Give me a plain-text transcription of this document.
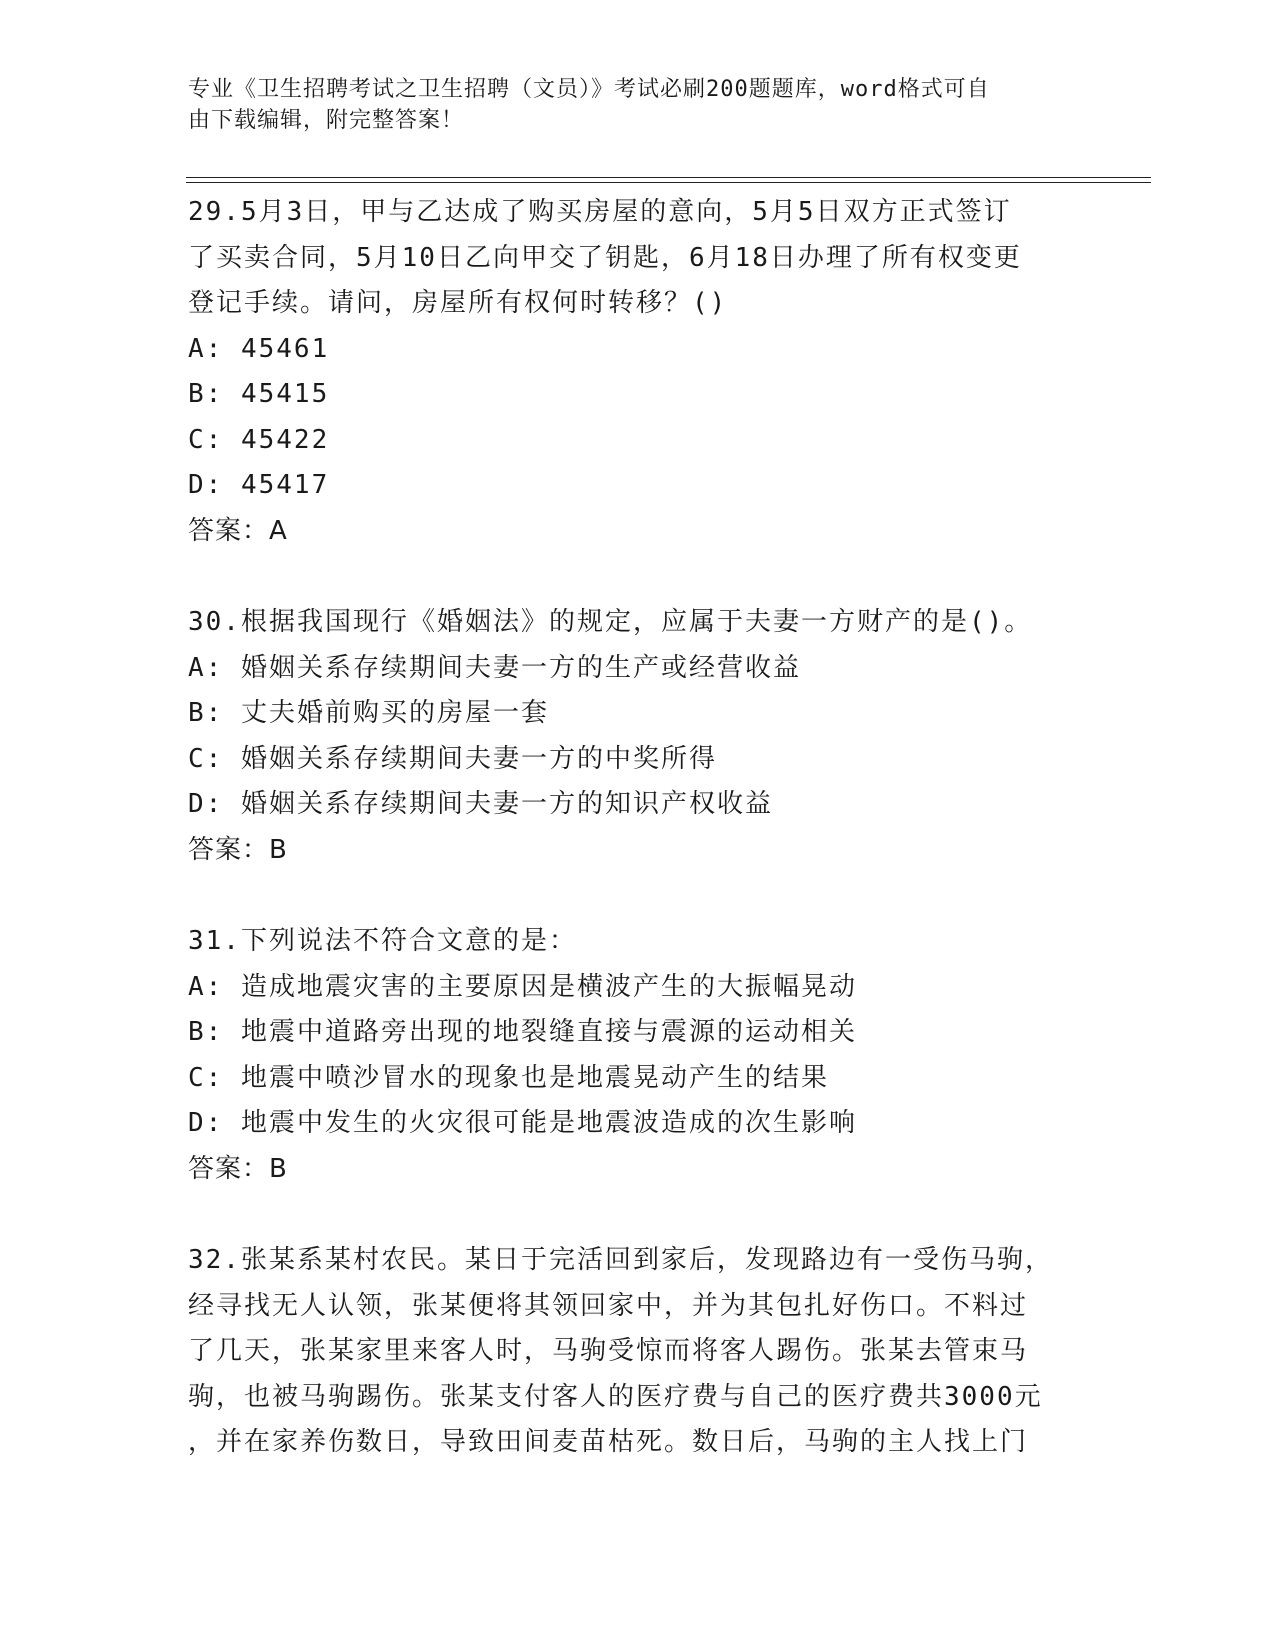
专业《卫生招聘考试之卫生招聘（文员）》考试必刷200题题库，word格式可自
由下载编辑，附完整答案！
29.5月3日，甲与乙达成了购买房屋的意向，5月5日双方正式签订
了买卖合同，5月10日乙向甲交了钥匙，6月18日办理了所有权变更
登记手续。请问，房屋所有权何时转移？()
A: 45461
B: 45415
C: 45422
D: 45417
答案：A
30.根据我国现行《婚姻法》的规定，应属于夫妻一方财产的是()。
A: 婚姻关系存续期间夫妻一方的生产或经营收益
B: 丈夫婚前购买的房屋一套
C: 婚姻关系存续期间夫妻一方的中奖所得
D: 婚姻关系存续期间夫妻一方的知识产权收益
答案：B
31.下列说法不符合文意的是：
A: 造成地震灾害的主要原因是横波产生的大振幅晃动
B: 地震中道路旁出现的地裂缝直接与震源的运动相关
C: 地震中喷沙冒水的现象也是地震晃动产生的结果
D: 地震中发生的火灾很可能是地震波造成的次生影响
答案：B
32.张某系某村农民。某日于完活回到家后，发现路边有一受伤马驹，
经寻找无人认领，张某便将其领回家中，并为其包扎好伤口。不料过
了几天，张某家里来客人时，马驹受惊而将客人踢伤。张某去管束马
驹，也被马驹踢伤。张某支付客人的医疗费与自己的医疗费共3000元
，并在家养伤数日，导致田间麦苗枯死。数日后，马驹的主人找上门
